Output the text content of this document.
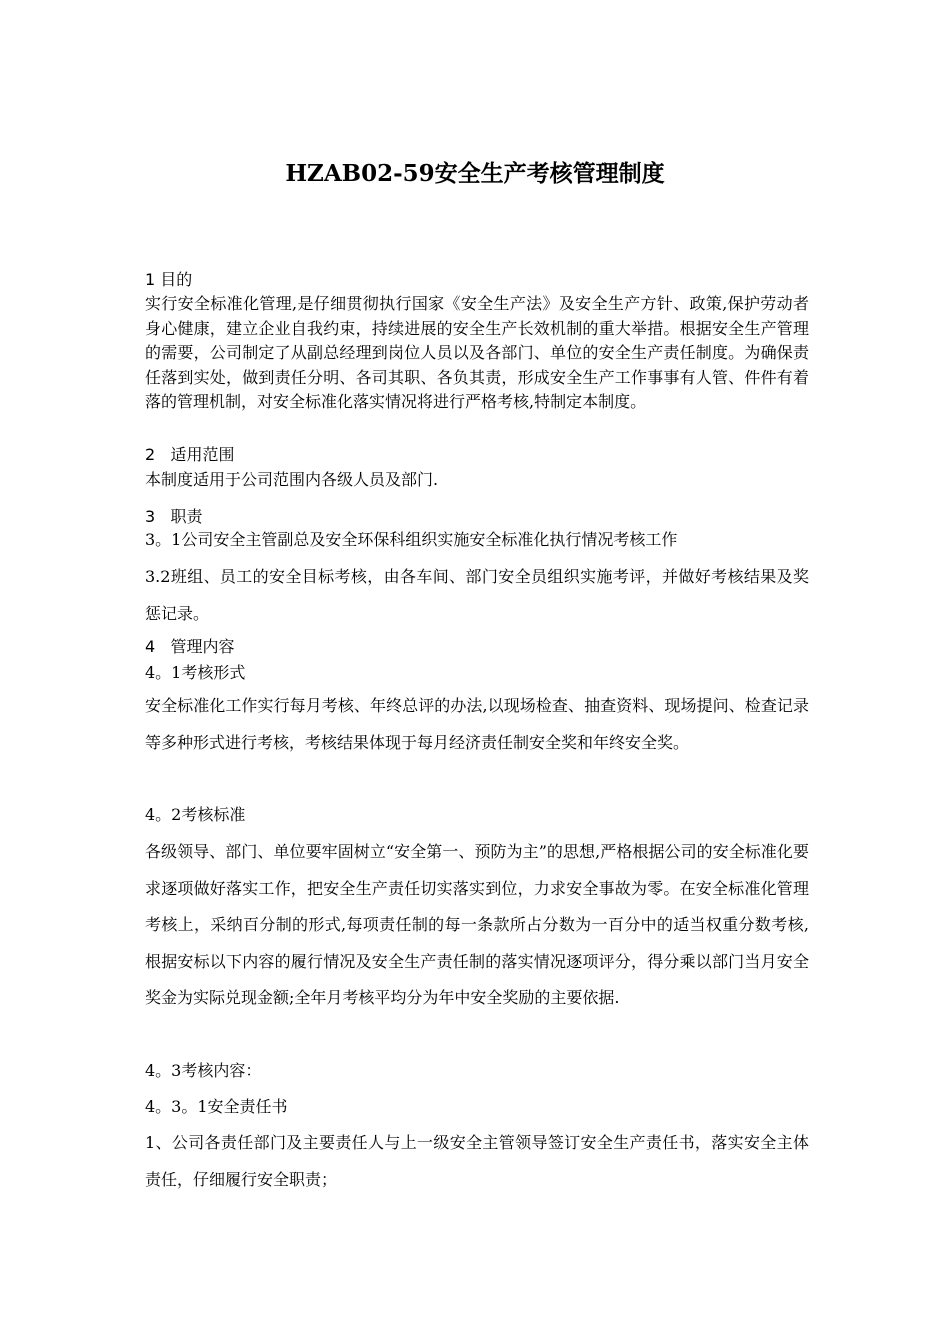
HZAB02-59安全生产考核管理制度
1 目的
实行安全标准化管理,是仔细贯彻执行国家《安全生产法》及安全生产方针、政策,保护劳动者身心健康，建立企业自我约束，持续进展的安全生产长效机制的重大举措。根据安全生产管理的需要，公司制定了从副总经理到岗位人员以及各部门、单位的安全生产责任制度。为确保责任落到实处，做到责任分明、各司其职、各负其责，形成安全生产工作事事有人管、件件有着落的管理机制，对安全标准化落实情况将进行严格考核,特制定本制度。
2   适用范围
本制度适用于公司范围内各级人员及部门.
3   职责
3。1公司安全主管副总及安全环保科组织实施安全标准化执行情况考核工作
3.2班组、员工的安全目标考核，由各车间、部门安全员组织实施考评，并做好考核结果及奖惩记录。
4   管理内容
4。1考核形式
安全标准化工作实行每月考核、年终总评的办法,以现场检查、抽查资料、现场提问、检查记录等多种形式进行考核，考核结果体现于每月经济责任制安全奖和年终安全奖。
4。2考核标准
各级领导、部门、单位要牢固树立“安全第一、预防为主”的思想,严格根据公司的安全标准化要求逐项做好落实工作，把安全生产责任切实落实到位，力求安全事故为零。在安全标准化管理考核上，采纳百分制的形式,每项责任制的每一条款所占分数为一百分中的适当权重分数考核,根据安标以下内容的履行情况及安全生产责任制的落实情况逐项评分，得分乘以部门当月安全奖金为实际兑现金额;全年月考核平均分为年中安全奖励的主要依据.
4。3考核内容：
4。3。1安全责任书
1、公司各责任部门及主要责任人与上一级安全主管领导签订安全生产责任书，落实安全主体责任，仔细履行安全职责；
